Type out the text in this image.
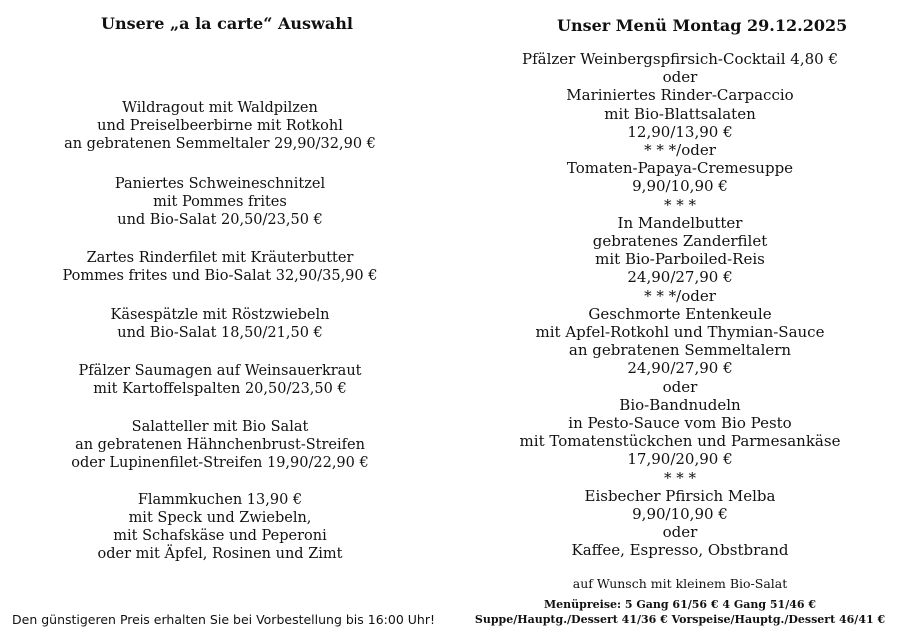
Unsere „a la carte“ Auswahl
Wildragout mit Waldpilzen
und Preiselbeerbirne mit Rotkohl
an gebratenen Semmeltaler 29,90/32,90 €
Paniertes Schweineschnitzel
mit Pommes frites
und Bio-Salat 20,50/23,50 €
Zartes Rinderfilet mit Kräuterbutter
Pommes frites und Bio-Salat 32,90/35,90 €
Käsespätzle mit Röstzwiebeln
und Bio-Salat 18,50/21,50 €
Pfälzer Saumagen auf Weinsauerkraut
mit Kartoffelspalten 20,50/23,50 €
Salatteller mit Bio Salat
an gebratenen Hähnchenbrust-Streifen
oder Lupinenfilet-Streifen 19,90/22,90 €
Flammkuchen 13,90 €
mit Speck und Zwiebeln,
mit Schafskäse und Peperoni
oder mit Äpfel, Rosinen und Zimt
Den günstigeren Preis erhalten Sie bei Vorbestellung bis 16:00 Uhr!
Unser Menü Montag 29.12.2025
Pfälzer Weinbergspfirsich-Cocktail 4,80 €
oder
Mariniertes Rinder-Carpaccio
mit Bio-Blattsalaten
12,90/13,90 €
* * */oder
Tomaten-Papaya-Cremesuppe
9,90/10,90 €
* * *
In Mandelbutter
gebratenes Zanderfilet
mit Bio-Parboiled-Reis
24,90/27,90 €
* * */oder
Geschmorte Entenkeule
mit Apfel-Rotkohl und Thymian-Sauce
an gebratenen Semmeltalern
24,90/27,90 €
oder
Bio-Bandnudeln
in Pesto-Sauce vom Bio Pesto
mit Tomatenstückchen und Parmesankäse
17,90/20,90 €
* * *
Eisbecher Pfirsich Melba
9,90/10,90 €
oder
Kaffee, Espresso, Obstbrand
auf Wunsch mit kleinem Bio-Salat
Menüpreise: 5 Gang 61/56 € 4 Gang 51/46 €
Suppe/Hauptg./Dessert 41/36 € Vorspeise/Hauptg./Dessert 46/41 €
